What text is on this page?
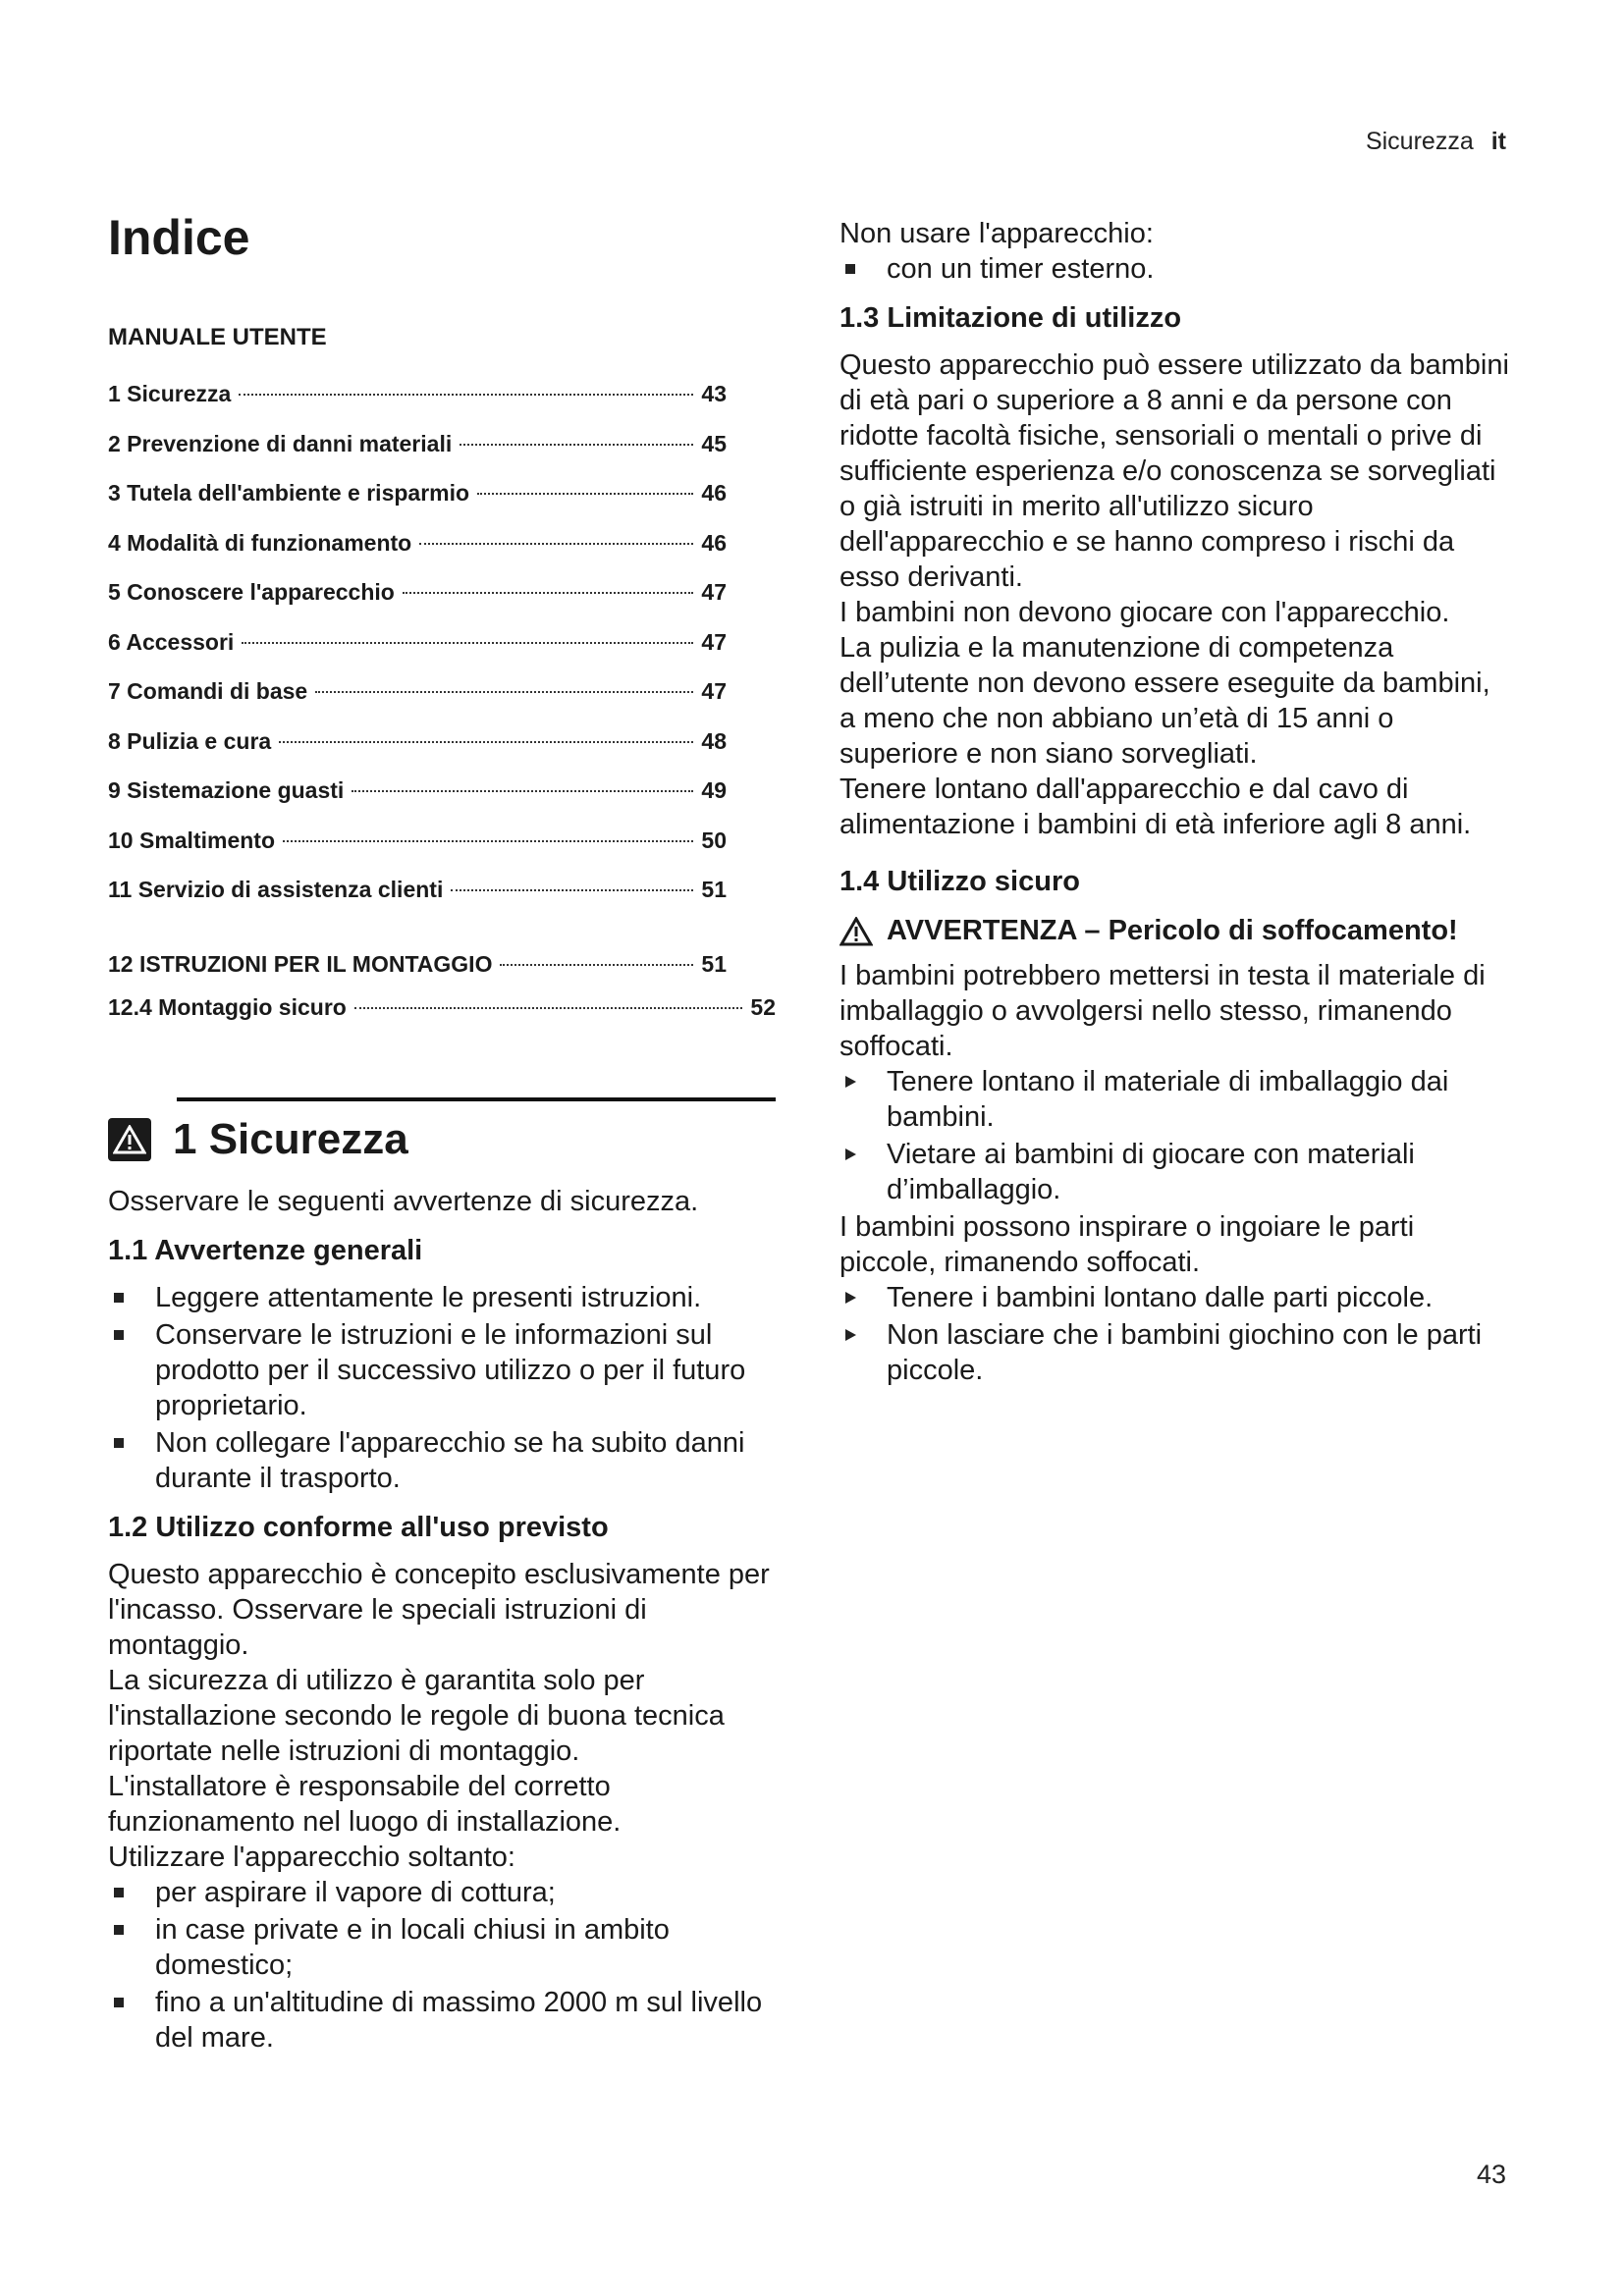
Sicurezza it
Indice
MANUALE UTENTE
1 Sicurezza	43
2 Prevenzione di danni materiali	45
3 Tutela dell'ambiente e risparmio	46
4 Modalità di funzionamento	46
5 Conoscere l'apparecchio	47
6 Accessori	47
7 Comandi di base	47
8 Pulizia e cura	48
9 Sistemazione guasti	49
10 Smaltimento	50
11 Servizio di assistenza clienti	51
12 ISTRUZIONI PER IL MONTAGGIO	51
12.4 Montaggio sicuro	52
1 Sicurezza

Osservare le seguenti avvertenze di sicurezza.

1.1 Avvertenze generali
Leggere attentamente le presenti istruzioni.
Conservare le istruzioni e le informazioni sul prodotto per il successivo utilizzo o per il futuro proprietario.
Non collegare l'apparecchio se ha subito danni durante il trasporto.
1.2 Utilizzo conforme all'uso previsto

Questo apparecchio è concepito esclusivamente per l'incasso. Osservare le speciali istruzioni di montaggio.

La sicurezza di utilizzo è garantita solo per l'installazione secondo le regole di buona tecnica riportate nelle istruzioni di montaggio.

L'installatore è responsabile del corretto funzionamento nel luogo di installazione.

Utilizzare l'apparecchio soltanto:

per aspirare il vapore di cottura;
in case private e in locali chiusi in ambito domestico;
fino a un'altitudine di massimo 2000 m sul livello del mare.

Non usare l'apparecchio:

con un timer esterno.
1.3 Limitazione di utilizzo

Questo apparecchio può essere utilizzato da bambini di età pari o superiore a 8 anni e da persone con ridotte facoltà fisiche, sensoriali o mentali o prive di sufficiente esperienza e/o conoscenza se sorvegliati o già istruiti in merito all'utilizzo sicuro dell'apparecchio e se hanno compreso i rischi da esso derivanti.

I bambini non devono giocare con l'apparecchio.

La pulizia e la manutenzione di competenza dell’utente non devono essere eseguite da bambini, a meno che non abbiano un’età di 15 anni o superiore e non siano sorvegliati.

Tenere lontano dall'apparecchio e dal cavo di alimentazione i bambini di età inferiore agli 8 anni.

1.4 Utilizzo sicuro
AVVERTENZA – Pericolo di soffocamento!

I bambini potrebbero mettersi in testa il materiale di imballaggio o avvolgersi nello stesso, rimanendo soffocati.

Tenere lontano il materiale di imballaggio dai bambini.
Vietare ai bambini di giocare con materiali d’imballaggio.

I bambini possono inspirare o ingoiare le parti piccole, rimanendo soffocati.

Tenere i bambini lontano dalle parti piccole.
Non lasciare che i bambini giochino con le parti piccole.
43
